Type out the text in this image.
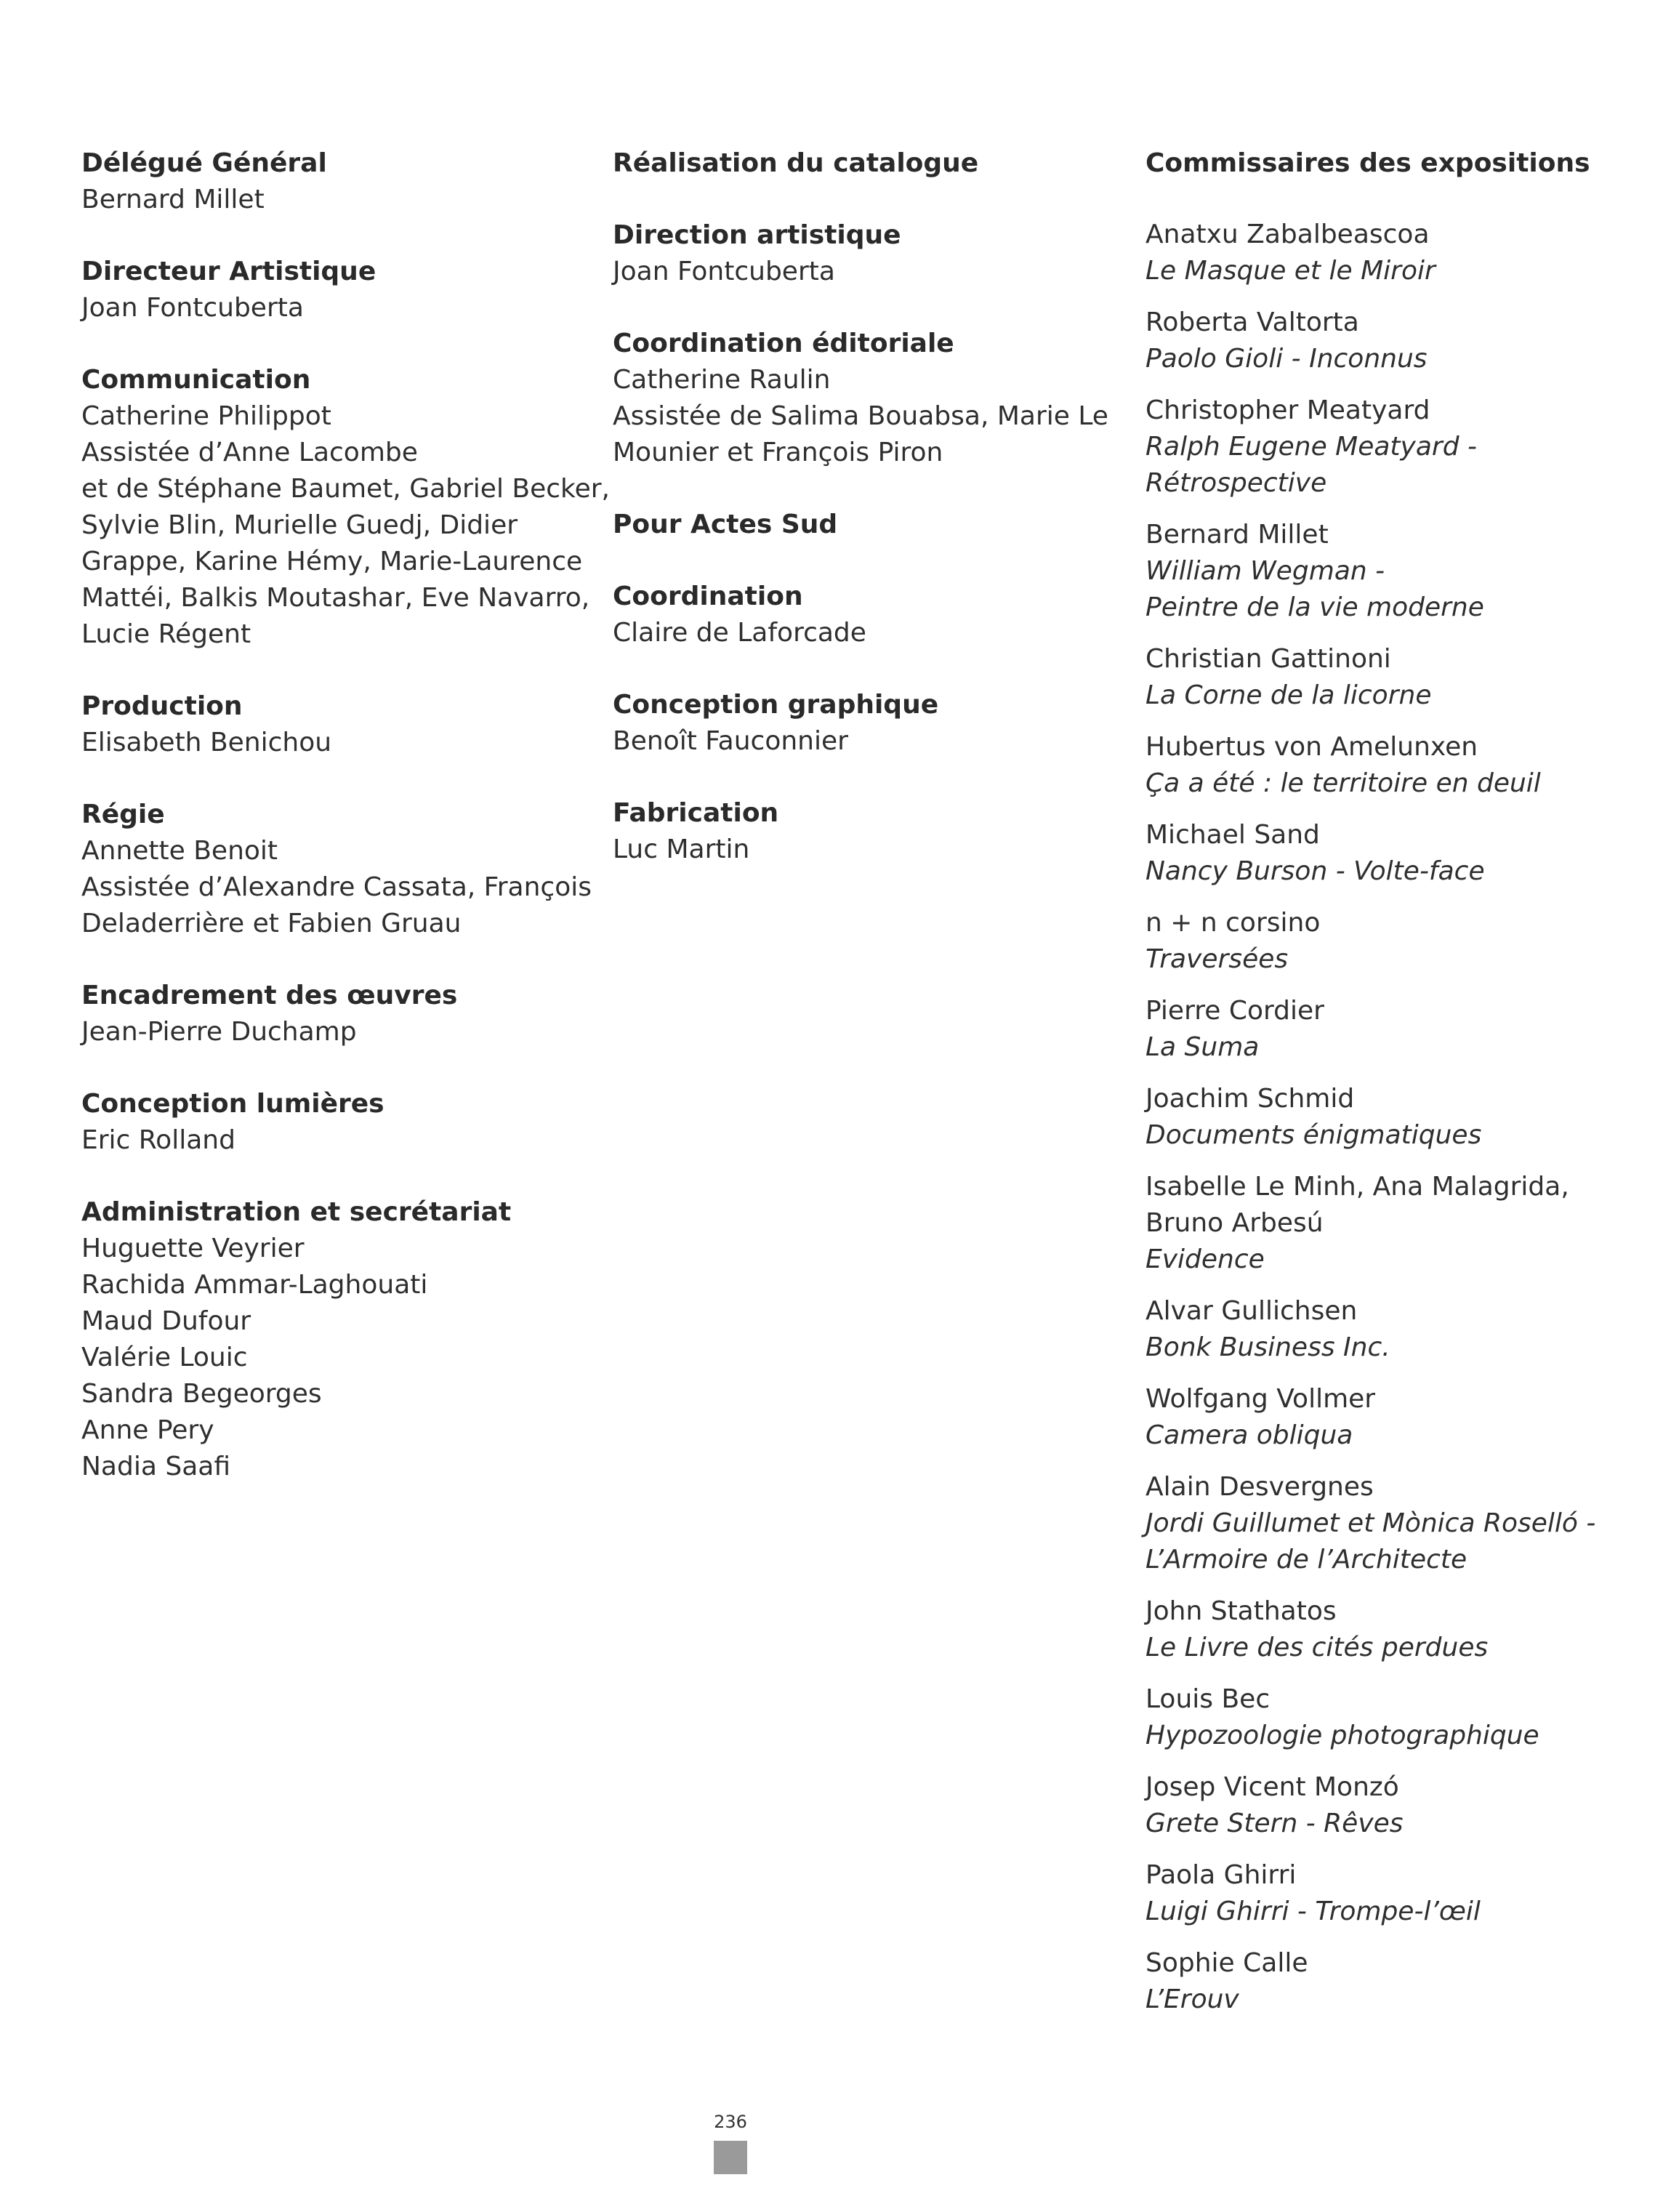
Délégué Général
Bernard Millet
Directeur Artistique
Joan Fontcuberta
Communication
Catherine Philippot
Assistée d’Anne Lacombe
et de Stéphane Baumet, Gabriel Becker,
Sylvie Blin, Murielle Guedj, Didier
Grappe, Karine Hémy, Marie-Laurence
Mattéi, Balkis Moutashar, Eve Navarro,
Lucie Régent
Production
Elisabeth Benichou
Régie
Annette Benoit
Assistée d’Alexandre Cassata, François
Deladerrière et Fabien Gruau
Encadrement des œuvres
Jean-Pierre Duchamp
Conception lumières
Eric Rolland
Administration et secrétariat
Huguette Veyrier
Rachida Ammar-Laghouati
Maud Dufour
Valérie Louic
Sandra Begeorges
Anne Pery
Nadia Saafi
Réalisation du catalogue
Direction artistique
Joan Fontcuberta
Coordination éditoriale
Catherine Raulin
Assistée de Salima Bouabsa, Marie Le
Mounier et François Piron
Pour Actes Sud
Coordination
Claire de Laforcade
Conception graphique
Benoît Fauconnier
Fabrication
Luc Martin
Commissaires des expositions
Anatxu Zabalbeascoa
Le Masque et le Miroir
Roberta Valtorta
Paolo Gioli - Inconnus
Christopher Meatyard
Ralph Eugene Meatyard - Rétrospective
Bernard Millet
William Wegman -
Peintre de la vie moderne
Christian Gattinoni
La Corne de la licorne
Hubertus von Amelunxen
Ça a été : le territoire en deuil
Michael Sand
Nancy Burson - Volte-face
n + n corsino
Traversées
Pierre Cordier
La Suma
Joachim Schmid
Documents énigmatiques
Isabelle Le Minh, Ana Malagrida, Bruno Arbesú
Evidence
Alvar Gullichsen
Bonk Business Inc.
Wolfgang Vollmer
Camera obliqua
Alain Desvergnes
Jordi Guillumet et Mònica Roselló -
L’Armoire de l’Architecte
John Stathatos
Le Livre des cités perdues
Louis Bec
Hypozoologie photographique
Josep Vicent Monzó
Grete Stern - Rêves
Paola Ghirri
Luigi Ghirri - Trompe-l’œil
Sophie Calle
L’Erouv
236
